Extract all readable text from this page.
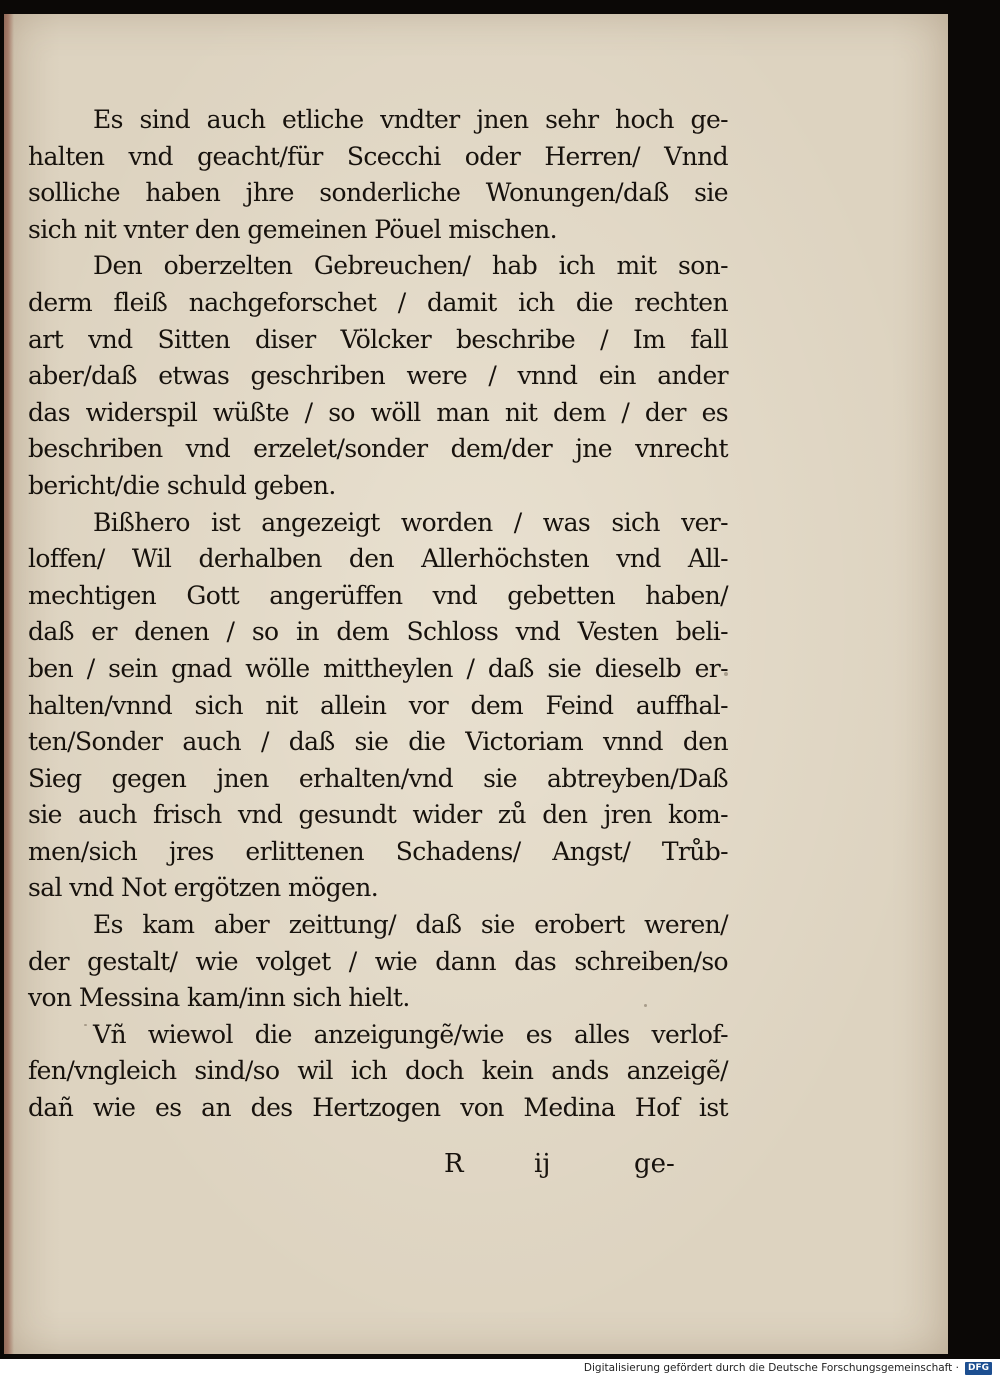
Es sind auch etliche vndter jnen sehr hoch ge-
halten vnd geacht/für Scecchi oder Herren/ Vnnd
solliche haben jhre sonderliche Wonungen/daß sie
sich nit vnter den gemeinen Pöuel mischen.
Den oberzelten Gebreuchen/ hab ich mit son-
derm fleiß nachgeforschet / damit ich die rechten
art vnd Sitten diser Völcker beschribe / Im fall
aber/daß etwas geschriben were / vnnd ein ander
das widerspil wüßte / so wöll man nit dem / der es
beschriben vnd erzelet/sonder dem/der jne vnrecht
bericht/die schuld geben.
Bißhero ist angezeigt worden / was sich ver-
loffen/ Wil derhalben den Allerhöchsten vnd All-
mechtigen Gott angerüffen vnd gebetten haben/
daß er denen / so in dem Schloss vnd Vesten beli-
ben / sein gnad wölle mittheylen / daß sie dieselb er-
halten/vnnd sich nit allein vor dem Feind auffhal-
ten/Sonder auch / daß sie die Victoriam vnnd den
Sieg gegen jnen erhalten/vnd sie abtreyben/Daß
sie auch frisch vnd gesundt wider zů den jren kom-
men/sich jres erlittenen Schadens/ Angst/ Trůb-
sal vnd Not ergötzen mögen.
Es kam aber zeittung/ daß sie erobert weren/
der gestalt/ wie volget / wie dann das schreiben/so
von Messina kam/inn sich hielt.
Vñ wiewol die anzeigungẽ/wie es alles verlof-
fen/vngleich sind/so wil ich doch kein ands anzeigẽ/
dañ wie es an des Hertzogen von Medina Hof ist
R	ij	ge-
Digitalisierung gefördert durch die Deutsche Forschungsgemeinschaft ·	DFG
